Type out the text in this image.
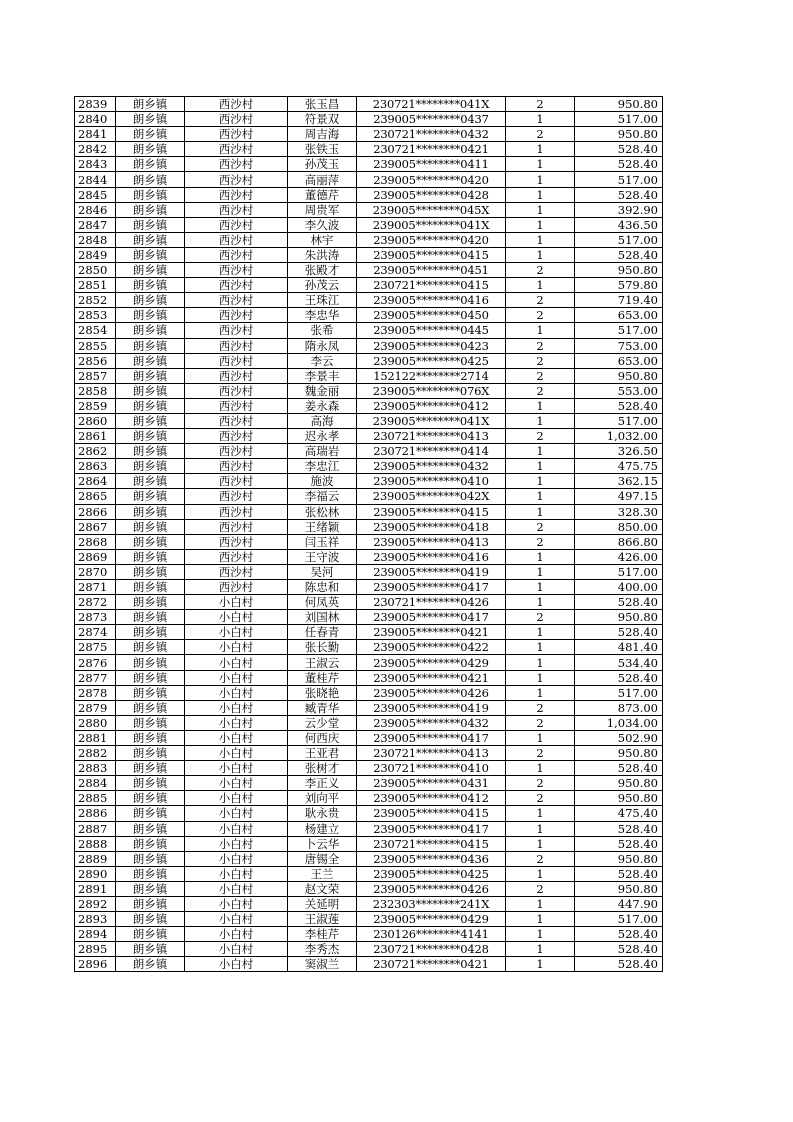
2839	朗乡镇	西沙村	张玉昌	230721********041X	2	950.80
2840	朗乡镇	西沙村	符景双	239005********0437	1	517.00
2841	朗乡镇	西沙村	周吉海	230721********0432	2	950.80
2842	朗乡镇	西沙村	张铁玉	230721********0421	1	528.40
2843	朗乡镇	西沙村	孙茂玉	239005********0411	1	528.40
2844	朗乡镇	西沙村	高丽萍	239005********0420	1	517.00
2845	朗乡镇	西沙村	董德芹	239005********0428	1	528.40
2846	朗乡镇	西沙村	周贵军	239005********045X	1	392.90
2847	朗乡镇	西沙村	李久波	239005********041X	1	436.50
2848	朗乡镇	西沙村	林宇	239005********0420	1	517.00
2849	朗乡镇	西沙村	朱洪涛	239005********0415	1	528.40
2850	朗乡镇	西沙村	张殿才	239005********0451	2	950.80
2851	朗乡镇	西沙村	孙茂云	230721********0415	1	579.80
2852	朗乡镇	西沙村	王珠江	239005********0416	2	719.40
2853	朗乡镇	西沙村	李忠华	239005********0450	2	653.00
2854	朗乡镇	西沙村	张希	239005********0445	1	517.00
2855	朗乡镇	西沙村	隋永凤	239005********0423	2	753.00
2856	朗乡镇	西沙村	李云	239005********0425	2	653.00
2857	朗乡镇	西沙村	李景丰	152122********2714	2	950.80
2858	朗乡镇	西沙村	魏金丽	239005********076X	2	553.00
2859	朗乡镇	西沙村	姜永森	239005********0412	1	528.40
2860	朗乡镇	西沙村	高海	239005********041X	1	517.00
2861	朗乡镇	西沙村	迟永孝	230721********0413	2	1,032.00
2862	朗乡镇	西沙村	高瑞岩	230721********0414	1	326.50
2863	朗乡镇	西沙村	李忠江	239005********0432	1	475.75
2864	朗乡镇	西沙村	施波	239005********0410	1	362.15
2865	朗乡镇	西沙村	李福云	239005********042X	1	497.15
2866	朗乡镇	西沙村	张松林	239005********0415	1	328.30
2867	朗乡镇	西沙村	王绪颖	239005********0418	2	850.00
2868	朗乡镇	西沙村	闫玉祥	239005********0413	2	866.80
2869	朗乡镇	西沙村	王守波	239005********0416	1	426.00
2870	朗乡镇	西沙村	吴河	239005********0419	1	517.00
2871	朗乡镇	西沙村	陈忠和	239005********0417	1	400.00
2872	朗乡镇	小白村	何凤英	230721********0426	1	528.40
2873	朗乡镇	小白村	刘国林	239005********0417	2	950.80
2874	朗乡镇	小白村	任春青	239005********0421	1	528.40
2875	朗乡镇	小白村	张长勤	239005********0422	1	481.40
2876	朗乡镇	小白村	王淑云	239005********0429	1	534.40
2877	朗乡镇	小白村	董桂芹	239005********0421	1	528.40
2878	朗乡镇	小白村	张晓艳	239005********0426	1	517.00
2879	朗乡镇	小白村	臧青华	239005********0419	2	873.00
2880	朗乡镇	小白村	云少堂	239005********0432	2	1,034.00
2881	朗乡镇	小白村	何西庆	239005********0417	1	502.90
2882	朗乡镇	小白村	王亚君	230721********0413	2	950.80
2883	朗乡镇	小白村	张树才	230721********0410	1	528.40
2884	朗乡镇	小白村	李正义	239005********0431	2	950.80
2885	朗乡镇	小白村	刘向平	239005********0412	2	950.80
2886	朗乡镇	小白村	耿永贵	239005********0415	1	475.40
2887	朗乡镇	小白村	杨建立	239005********0417	1	528.40
2888	朗乡镇	小白村	卜云华	230721********0415	1	528.40
2889	朗乡镇	小白村	唐锡全	239005********0436	2	950.80
2890	朗乡镇	小白村	王兰	239005********0425	1	528.40
2891	朗乡镇	小白村	赵文荣	239005********0426	2	950.80
2892	朗乡镇	小白村	关延明	232303********241X	1	447.90
2893	朗乡镇	小白村	王淑莲	239005********0429	1	517.00
2894	朗乡镇	小白村	李桂芹	230126********4141	1	528.40
2895	朗乡镇	小白村	李秀杰	230721********0428	1	528.40
2896	朗乡镇	小白村	窦淑兰	230721********0421	1	528.40
